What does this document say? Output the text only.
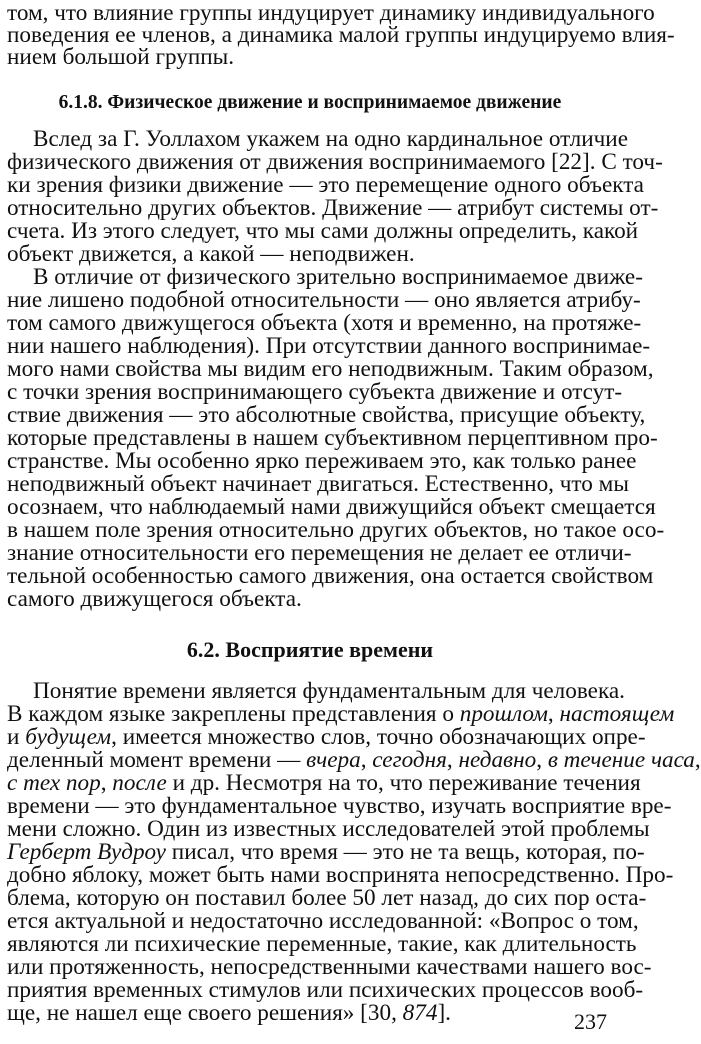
том, что влияние группы индуцирует динамику индивидуального
поведения ее членов, а динамика малой группы индуцируемо влия-
нием большой группы.
6.1.8. Физическое движение и воспринимаемое движение
Вслед за Г. Уоллахом укажем на одно кардинальное отличие
физического движения от движения воспринимаемого [22]. С точ-
ки зрения физики движение — это перемещение одного объекта
относительно других объектов. Движение — атрибут системы от-
счета. Из этого следует, что мы сами должны определить, какой
объект движется, а какой — неподвижен.
В отличие от физического зрительно воспринимаемое движе-
ние лишено подобной относительности — оно является атрибу-
том самого движущегося объекта (хотя и временно, на протяже-
нии нашего наблюдения). При отсутствии данного воспринимае-
мого нами свойства мы видим его неподвижным. Таким образом,
с точки зрения воспринимающего субъекта движение и отсут-
ствие движения — это абсолютные свойства, присущие объекту,
которые представлены в нашем субъективном перцептивном про-
странстве. Мы особенно ярко переживаем это, как только ранее
неподвижный объект начинает двигаться. Естественно, что мы
осознаем, что наблюдаемый нами движущийся объект смещается
в нашем поле зрения относительно других объектов, но такое осо-
знание относительности его перемещения не делает ее отличи-
тельной особенностью самого движения, она остается свойством
самого движущегося объекта.
6.2. Восприятие времени
Понятие времени является фундаментальным для человека.
В каждом языке закреплены представления о прошлом, настоящем
и будущем, имеется множество слов, точно обозначающих опре-
деленный момент времени — вчера, сегодня, недавно, в течение часа,
с тех пор, после и др. Несмотря на то, что переживание течения
времени — это фундаментальное чувство, изучать восприятие вре-
мени сложно. Один из известных исследователей этой проблемы
Герберт Вудроу писал, что время — это не та вещь, которая, по-
добно яблоку, может быть нами воспринята непосредственно. Про-
блема, которую он поставил более 50 лет назад, до сих пор оста-
ется актуальной и недостаточно исследованной: «Вопрос о том,
являются ли психические переменные, такие, как длительность
или протяженность, непосредственными качествами нашего вос-
приятия временных стимулов или психических процессов вооб-
ще, не нашел еще своего решения» [30, 874].	237
